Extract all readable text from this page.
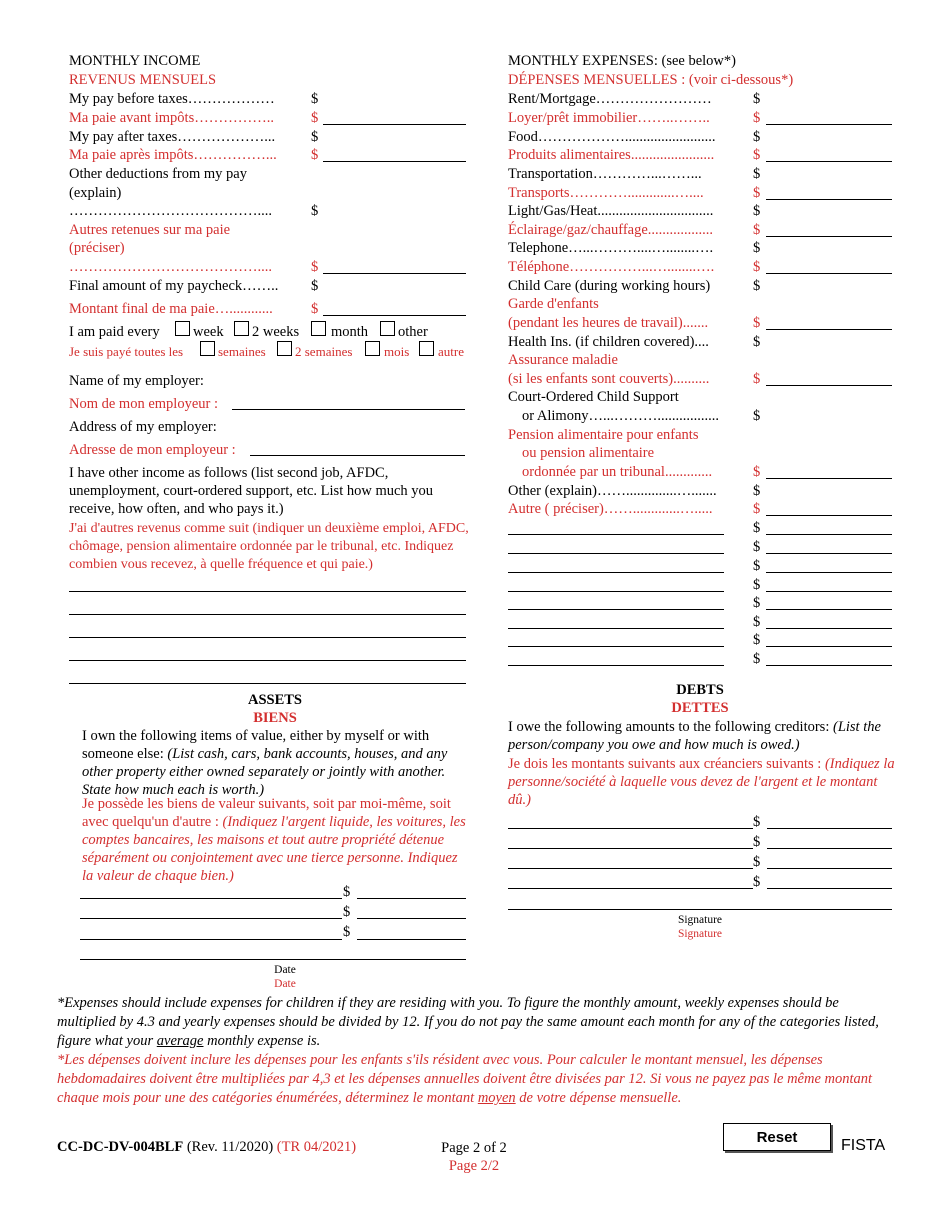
MONTHLY INCOME
REVENUS MENSUELS
My pay before taxes……………… $
Ma paie avant impôts……………..	$
My pay after taxes………………... $
Ma paie après impôts……………... $
Other deductions from my pay
(explain)
…………………………………....	$
Autres retenues sur ma paie
(préciser)
…………………………………....	$
Final amount of my paycheck…….. $
Montant final de ma paie…............	$
I am paid every week 2 weeks month other
Je suis payé toutes les	semaines 2 semaines mois autre
Name of my employer:
Nom de mon employeur :
Address of my employer:
Adresse de mon employeur :
I have other income as follows (list second job, AFDC, unemployment, court-ordered support, etc. List how much you receive, how often, and who pays it.)
J'ai d'autres revenus comme suit (indiquer un deuxième emploi, AFDC, chômage, pension alimentaire ordonnée par le tribunal, etc. Indiquez combien vous recevez, à quelle fréquence et qui paie.)
ASSETS
BIENS
I own the following items of value, either by myself or with someone else: (List cash, cars, bank accounts, houses, and any other property either owned separately or jointly with another. State how much each is worth.)
Je possède les biens de valeur suivants, soit par moi-même, soit avec quelqu'un d'autre : (Indiquez l'argent liquide, les voitures, les comptes bancaires, les maisons et tout autre propriété détenue séparément ou conjointement avec une tierce personne. Indiquez la valeur de chaque bien.)
$
$
$
Date
Date
MONTHLY EXPENSES: (see below*)
DÉPENSES MENSUELLES : (voir ci-dessous*)
Rent/Mortgage……………………	$
Loyer/prêt immobilier……..……..	$
Food……………….........................	$
Produits alimentaires.......................	$
Transportation…………...……...	$
Transports………….............…....	$
Light/Gas/Heat................................	$
Éclairage/gaz/chauffage..................	$
Telephone…...………....…........….	$
Téléphone……………...…........….	$
Child Care (during working hours)	$
Garde d'enfants
(pendant les heures de travail).......	$
Health Ins. (if children covered)....	$
Assurance maladie
(si les enfants sont couverts)..........	$
Court-Ordered Child Support
or Alimony…...………................. $
Pension alimentaire pour enfants
ou pension alimentaire
ordonnée par un tribunal.............	$
Other (explain)……..............….......	$
Autre ( préciser)…….............….....	$
$
$
$
$
$
$
$
$
DEBTS
DETTES
I owe the following amounts to the following creditors: (List the person/company you owe and how much is owed.)
Je dois les montants suivants aux créanciers suivants : (Indiquez la personne/société à laquelle vous devez de l'argent et le montant dû.)
$
$
$
$
Signature
Signature
*Expenses should include expenses for children if they are residing with you. To figure the monthly amount, weekly expenses should be multiplied by 4.3 and yearly expenses should be divided by 12. If you do not pay the same amount each month for any of the categories listed, figure what your average monthly expense is.
*Les dépenses doivent inclure les dépenses pour les enfants s'ils résident avec vous. Pour calculer le montant mensuel, les dépenses hebdomadaires doivent être multipliées par 4,3 et les dépenses annuelles doivent être divisées par 12. Si vous ne payez pas le même montant chaque mois pour une des catégories énumérées, déterminez le montant moyen de votre dépense mensuelle.
CC-DC-DV-004BLF (Rev. 11/2020) (TR 04/2021)	Page 2 of 2
Page 2/2
Reset	FISTA
